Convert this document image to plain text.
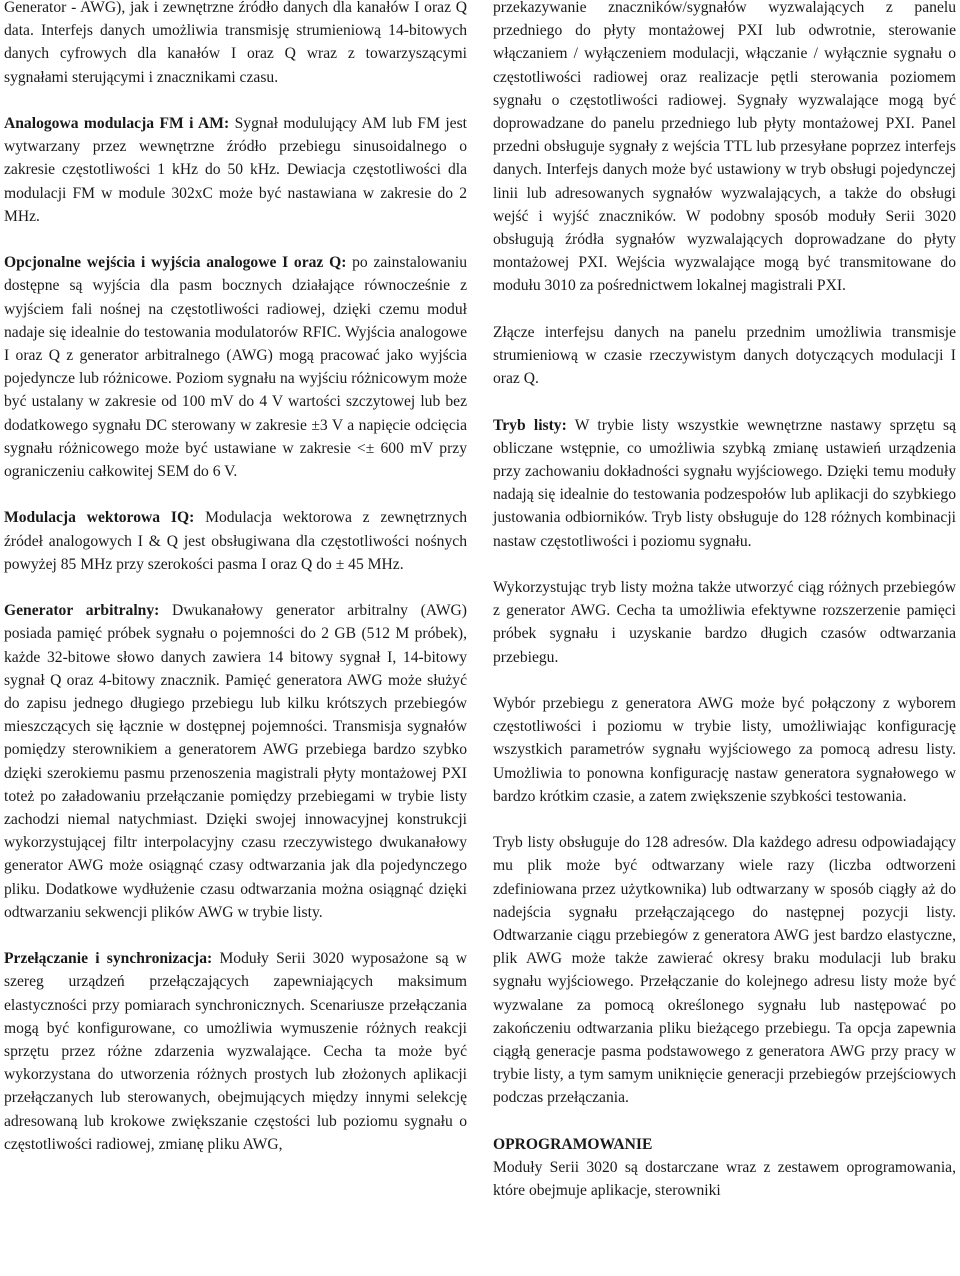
Generator - AWG), jak i zewnętrzne źródło danych dla kanałów I oraz Q data. Interfejs danych umożliwia transmisję strumieniową 14-bitowych danych cyfrowych dla kanałów I oraz Q wraz z towarzyszącymi sygnałami sterującymi i znacznikami czasu.

Analogowa modulacja FM i AM: Sygnał modulujący AM lub FM jest wytwarzany przez wewnętrzne źródło przebiegu sinusoidalnego o zakresie częstotliwości 1 kHz do 50 kHz. Dewiacja częstotliwości dla modulacji FM w module 302xC może być nastawiana w zakresie do 2 MHz.

Opcjonalne wejścia i wyjścia analogowe I oraz Q: po zainstalowaniu dostępne są wyjścia dla pasm bocznych działające równocześnie z wyjściem fali nośnej na częstotliwości radiowej, dzięki czemu moduł nadaje się idealnie do testowania modulatorów RFIC. Wyjścia analogowe I oraz Q z generator arbitralnego (AWG) mogą pracować jako wyjścia pojedyncze lub różnicowe. Poziom sygnału na wyjściu różnicowym może być ustalany w zakresie od 100 mV do 4 V wartości szczytowej lub bez dodatkowego sygnału DC sterowany w zakresie ±3 V a napięcie odcięcia sygnału różnicowego może być ustawiane w zakresie <± 600 mV przy ograniczeniu całkowitej SEM do 6 V.

Modulacja wektorowa IQ: Modulacja wektorowa z zewnętrznych źródeł analogowych I & Q jest obsługiwana dla częstotliwości nośnych powyżej 85 MHz przy szerokości pasma I oraz Q do ± 45 MHz.

Generator arbitralny: Dwukanałowy generator arbitralny (AWG) posiada pamięć próbek sygnału o pojemności do 2 GB (512 M próbek), każde 32-bitowe słowo danych zawiera 14 bitowy sygnał I, 14-bitowy sygnał Q oraz 4-bitowy znacznik. Pamięć generatora AWG może służyć do zapisu jednego długiego przebiegu lub kilku krótszych przebiegów mieszczących się łącznie w dostępnej pojemności. Transmisja sygnałów pomiędzy sterownikiem a generatorem AWG przebiega bardzo szybko dzięki szerokiemu pasmu przenoszenia magistrali płyty montażowej PXI toteż po załadowaniu przełączanie pomiędzy przebiegami w trybie listy zachodzi niemal natychmiast. Dzięki swojej innowacyjnej konstrukcji wykorzystującej filtr interpolacyjny czasu rzeczywistego dwukanałowy generator AWG może osiągnąć czasy odtwarzania jak dla pojedynczego pliku. Dodatkowe wydłużenie czasu odtwarzania można osiągnąć dzięki odtwarzaniu sekwencji plików AWG w trybie listy.

Przełączanie i synchronizacja: Moduły Serii 3020 wyposażone są w szereg urządzeń przełączających zapewniających maksimum elastyczności przy pomiarach synchronicznych. Scenariusze przełączania mogą być konfigurowane, co umożliwia wymuszenie różnych reakcji sprzętu przez różne zdarzenia wyzwalające. Cecha ta może być wykorzystana do utworzenia różnych prostych lub złożonych aplikacji przełączanych lub sterowanych, obejmujących między innymi selekcję adresowaną lub krokowe zwiększanie częstości lub poziomu sygnału o częstotliwości radiowej, zmianę pliku AWG,

przekazywanie znaczników/sygnałów wyzwalających z panelu przedniego do płyty montażowej PXI lub odwrotnie, sterowanie włączaniem / wyłączeniem modulacji, włączanie / wyłącznie sygnału o częstotliwości radiowej oraz realizacje pętli sterowania poziomem sygnału o częstotliwości radiowej. Sygnały wyzwalające mogą być doprowadzane do panelu przedniego lub płyty montażowej PXI. Panel przedni obsługuje sygnały z wejścia TTL lub przesyłane poprzez interfejs danych. Interfejs danych może być ustawiony w tryb obsługi pojedynczej linii lub adresowanych sygnałów wyzwalających, a także do obsługi wejść i wyjść znaczników. W podobny sposób moduły Serii 3020 obsługują źródła sygnałów wyzwalających doprowadzane do płyty montażowej PXI. Wejścia wyzwalające mogą być transmitowane do modułu 3010 za pośrednictwem lokalnej magistrali PXI.

Złącze interfejsu danych na panelu przednim umożliwia transmisje strumieniową w czasie rzeczywistym danych dotyczących modulacji I oraz Q.

Tryb listy: W trybie listy wszystkie wewnętrzne nastawy sprzętu są obliczane wstępnie, co umożliwia szybką zmianę ustawień urządzenia przy zachowaniu dokładności sygnału wyjściowego. Dzięki temu moduły nadają się idealnie do testowania podzespołów lub aplikacji do szybkiego justowania odbiorników. Tryb listy obsługuje do 128 różnych kombinacji nastaw częstotliwości i poziomu sygnału.

Wykorzystując tryb listy można także utworzyć ciąg różnych przebiegów z generator AWG. Cecha ta umożliwia efektywne rozszerzenie pamięci próbek sygnału i uzyskanie bardzo długich czasów odtwarzania przebiegu.

Wybór przebiegu z generatora AWG może być połączony z wyborem częstotliwości i poziomu w trybie listy, umożliwiając konfigurację wszystkich parametrów sygnału wyjściowego za pomocą adresu listy. Umożliwia to ponowna konfigurację nastaw generatora sygnałowego w bardzo krótkim czasie, a zatem zwiększenie szybkości testowania.

Tryb listy obsługuje do 128 adresów. Dla każdego adresu odpowiadający mu plik może być odtwarzany wiele razy (liczba odtworzeni zdefiniowana przez użytkownika) lub odtwarzany w sposób ciągły aż do nadejścia sygnału przełączającego do następnej pozycji listy. Odtwarzanie ciągu przebiegów z generatora AWG jest bardzo elastyczne, plik AWG może także zawierać okresy braku modulacji lub braku sygnału wyjściowego. Przełączanie do kolejnego adresu listy może być wyzwalane za pomocą określonego sygnału lub następować po zakończeniu odtwarzania pliku bieżącego przebiegu. Ta opcja zapewnia ciągłą generacje pasma podstawowego z generatora AWG przy pracy w trybie listy, a tym samym uniknięcie generacji przebiegów przejściowych podczas przełączania.

OPROGRAMOWANIE

Moduły Serii 3020 są dostarczane wraz z zestawem oprogramowania, które obejmuje aplikacje, sterowniki
